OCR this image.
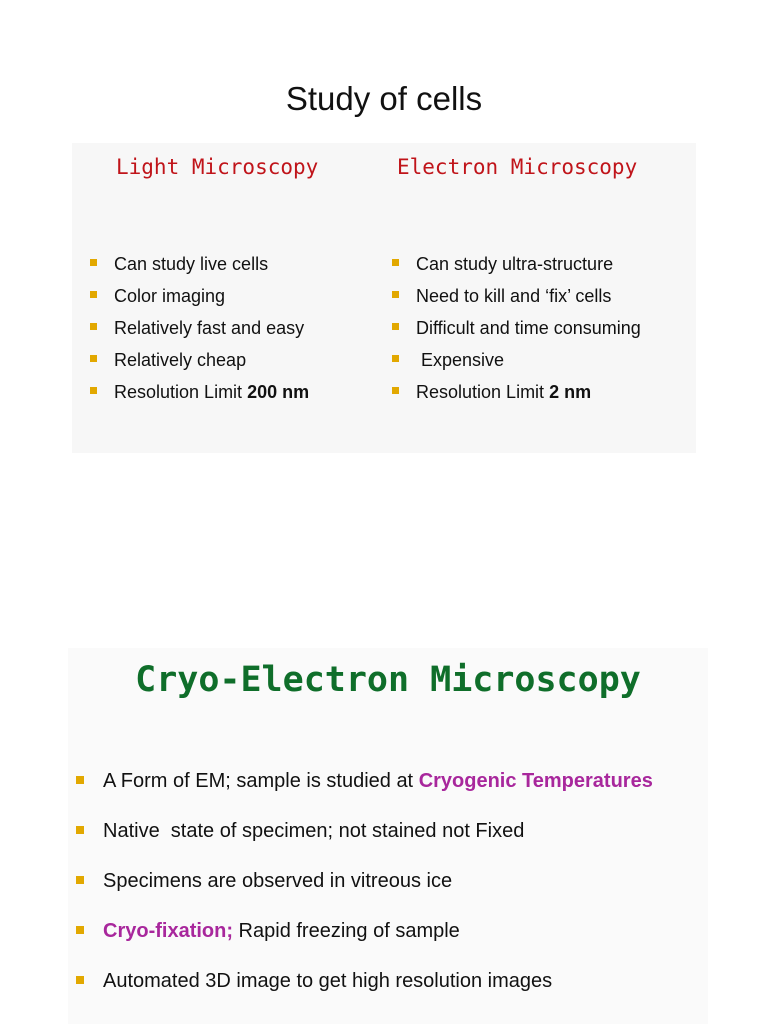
Study of cells
Light Microscopy	Electron Microscopy
Can study live cells
Color imaging
Relatively fast and easy
Relatively cheap
Resolution Limit 200 nm
Can study ultra-structure
Need to kill and ‘fix’ cells
Difficult and time consuming
Expensive
Resolution Limit 2 nm
Cryo-Electron Microscopy
A Form of EM; sample is studied at Cryogenic Temperatures
Native  state of specimen; not stained not Fixed
Specimens are observed in vitreous ice
Cryo-fixation; Rapid freezing of sample
Automated 3D image to get high resolution images
